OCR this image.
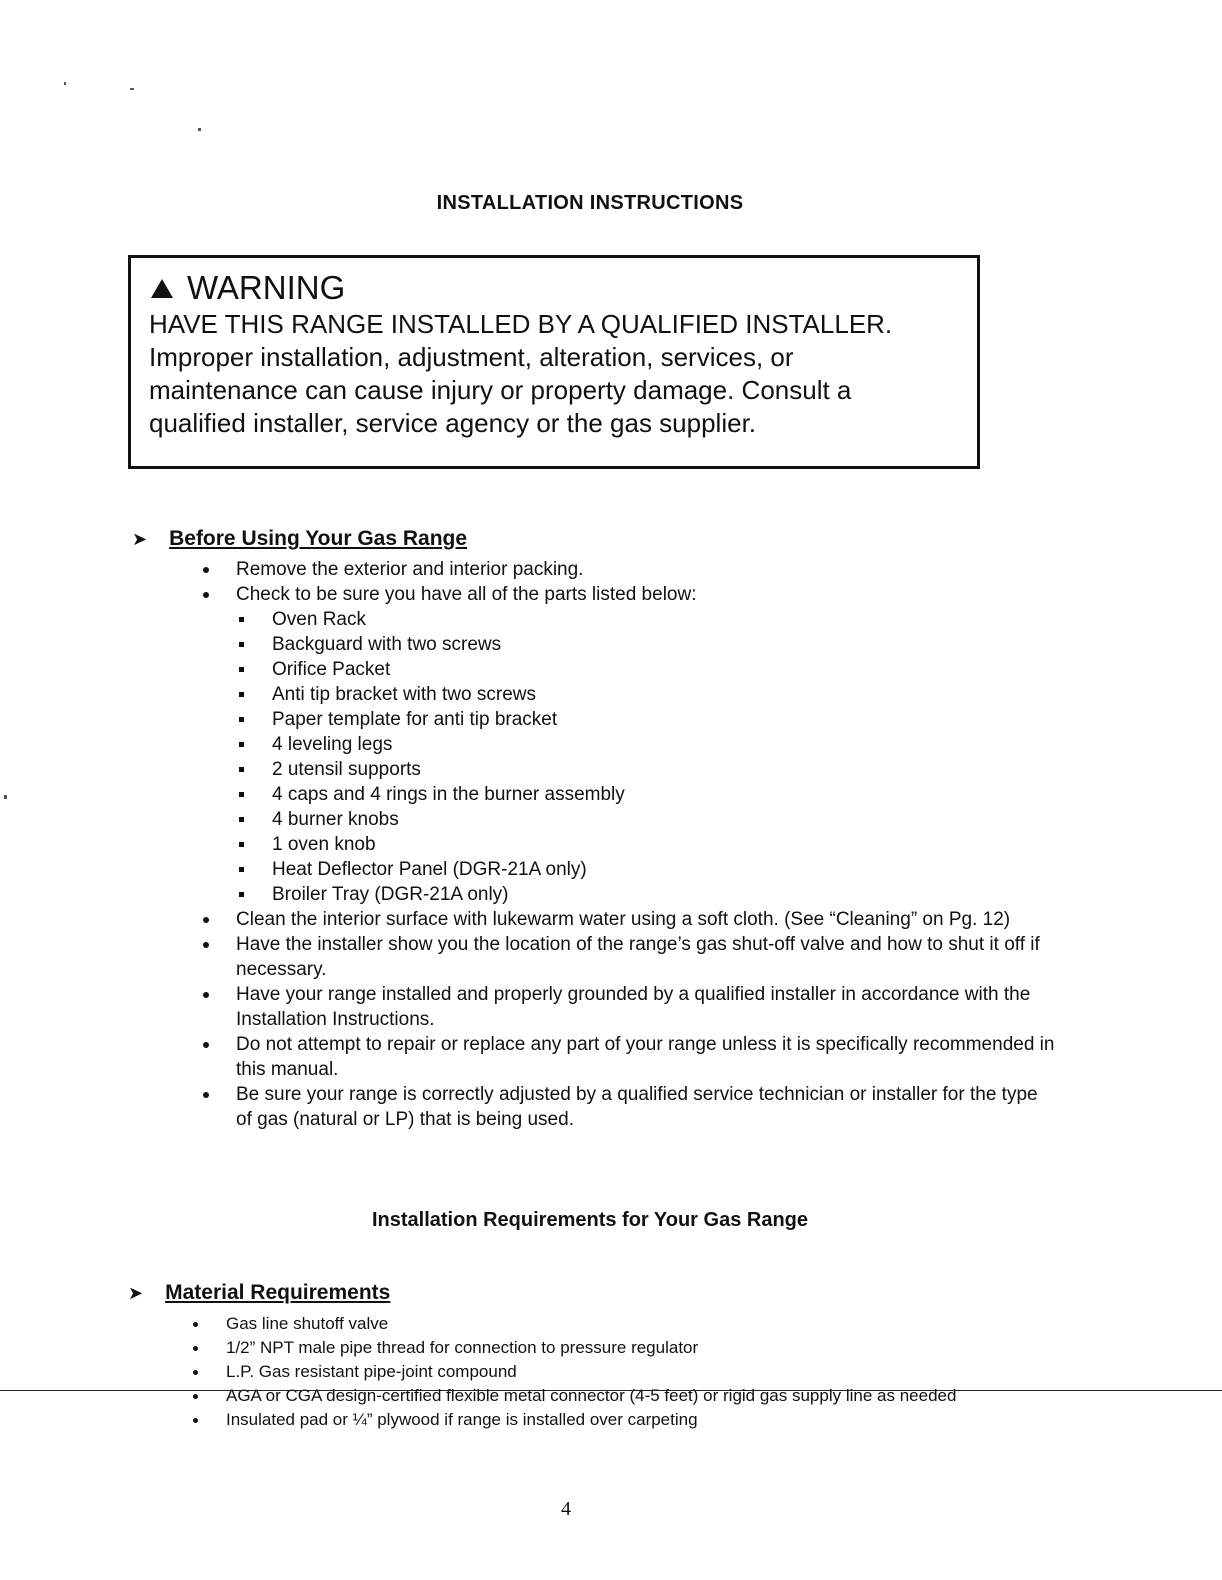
INSTALLATION INSTRUCTIONS
WARNING
HAVE THIS RANGE INSTALLED BY A QUALIFIED INSTALLER.
Improper installation, adjustment, alteration, services, or maintenance can cause injury or property damage. Consult a qualified installer, service agency or the gas supplier.
➤ Before Using Your Gas Range
Remove the exterior and interior packing.
Check to be sure you have all of the parts listed below:
Oven Rack
Backguard with two screws
Orifice Packet
Anti tip bracket with two screws
Paper template for anti tip bracket
4 leveling legs
2 utensil supports
4 caps and 4 rings in the burner assembly
4 burner knobs
1 oven knob
Heat Deflector Panel (DGR-21A only)
Broiler Tray (DGR-21A only)
Clean the interior surface with lukewarm water using a soft cloth. (See “Cleaning” on Pg. 12)
Have the installer show you the location of the range’s gas shut-off valve and how to shut it off if necessary.
Have your range installed and properly grounded by a qualified installer in accordance with the Installation Instructions.
Do not attempt to repair or replace any part of your range unless it is specifically recommended in this manual.
Be sure your range is correctly adjusted by a qualified service technician or installer for the type of gas (natural or LP) that is being used.
Installation Requirements for Your Gas Range
➤ Material Requirements
Gas line shutoff valve
1/2” NPT male pipe thread for connection to pressure regulator
L.P. Gas resistant pipe-joint compound
AGA or CGA design-certified flexible metal connector (4-5 feet) or rigid gas supply line as needed
Insulated pad or ¼” plywood if range is installed over carpeting
4
